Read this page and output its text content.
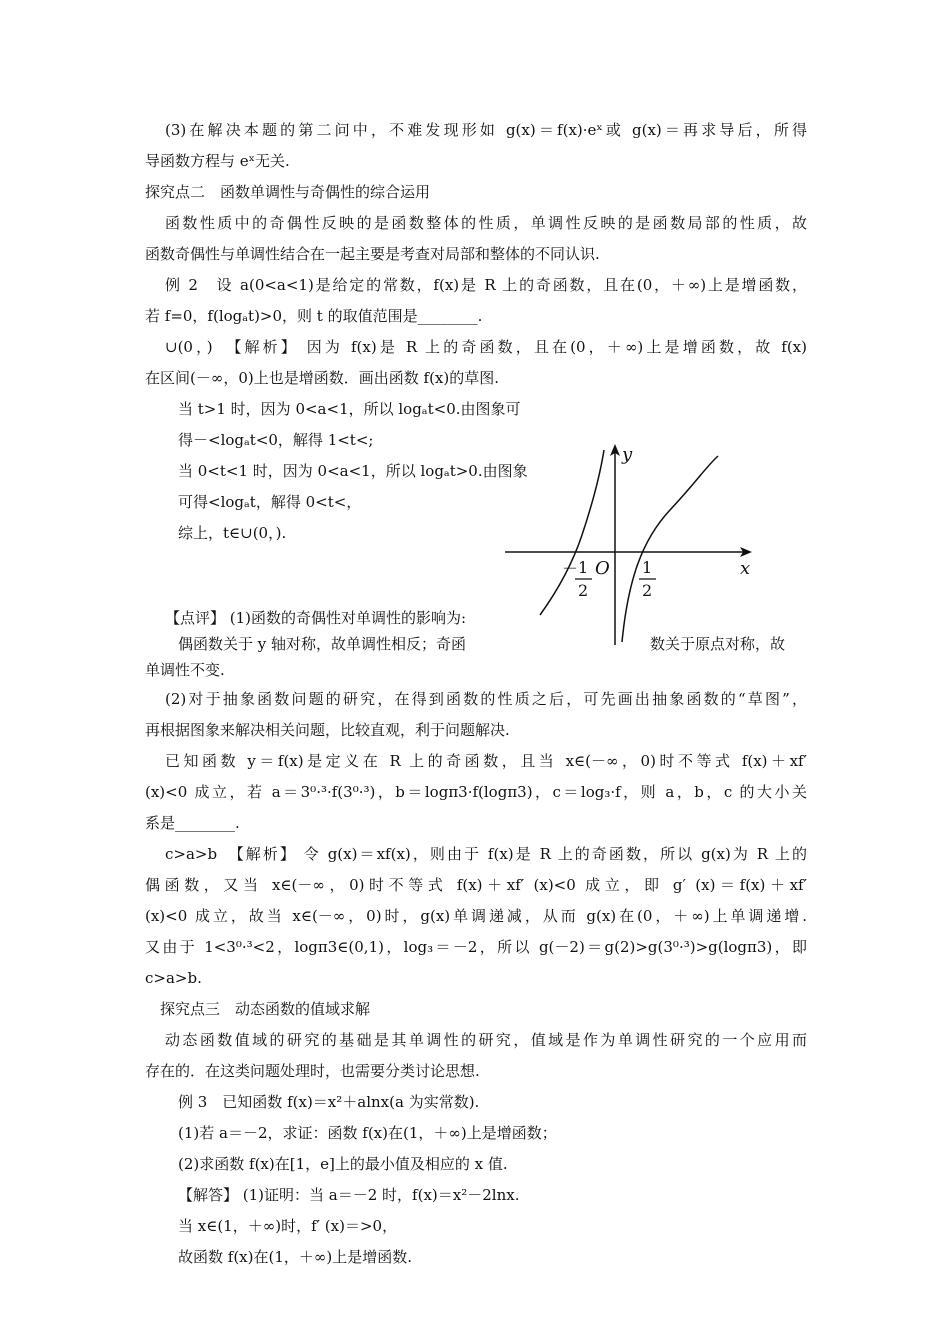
(3)在解决本题的第二问中，不难发现形如 g(x)＝f(x)·eˣ或 g(x)＝再求导后，所得
导函数方程与 eˣ无关.
探究点二　函数单调性与奇偶性的综合运用
函数性质中的奇偶性反映的是函数整体的性质，单调性反映的是函数局部的性质，故
函数奇偶性与单调性结合在一起主要是考查对局部和整体的不同认识.
例 2　设 a(0<a<1)是给定的常数，f(x)是 R 上的奇函数，且在(0，＋∞)上是增函数，
若 f=0，f(logₐt)>0，则 t 的取值范围是________.
∪(0，)　【解析】 因为 f(x)是 R 上的奇函数，且在(0，＋∞)上是增函数，故 f(x)
在区间(－∞，0)上也是增函数．画出函数 f(x)的草图.
当 t>1 时，因为 0<a<1，所以 logₐt<0.由图象可
得－<logₐt<0，解得 1<t<;
当 0<t<1 时，因为 0<a<1，所以 logₐt>0.由图象
可得<logₐt，解得 0<t<，
综上，t∈∪(0，).
y
x
O
－ 1
2
1
2
【点评】 (1)函数的奇偶性对单调性的影响为:
偶函数关于 y 轴对称，故单调性相反；奇函	数关于原点对称，故
单调性不变.
(2)对于抽象函数问题的研究，在得到函数的性质之后，可先画出抽象函数的“草图”，
再根据图象来解决相关问题，比较直观，利于问题解决.
已知函数 y＝f(x)是定义在 R 上的奇函数，且当 x∈(－∞，0)时不等式 f(x)＋xf′
(x)<0 成立，若 a＝3⁰·³·f(3⁰·³)，b＝logπ3·f(logπ3)，c＝log₃·f，则 a，b，c 的大小关
系是________.
c>a>b　【解析】 令 g(x)＝xf(x)，则由于 f(x)是 R 上的奇函数，所以 g(x)为 R 上的
偶函数，又当 x∈(－∞，0)时不等式 f(x)＋xf′ (x)<0 成立，即 g′ (x)＝f(x)＋xf′
(x)<0 成立，故当 x∈(－∞，0)时，g(x)单调递减，从而 g(x)在(0，＋∞)上单调递增.
又由于 1<3⁰·³<2，logπ3∈(0,1)，log₃＝－2，所以 g(－2)＝g(2)>g(3⁰·³)>g(logπ3)，即
c>a>b.
探究点三　动态函数的值域求解
动态函数值域的研究的基础是其单调性的研究，值域是作为单调性研究的一个应用而
存在的．在这类问题处理时，也需要分类讨论思想.
例 3　已知函数 f(x)＝x²＋alnx(a 为实常数).
(1)若 a＝－2，求证：函数 f(x)在(1，＋∞)上是增函数；
(2)求函数 f(x)在[1，e]上的最小值及相应的 x 值.
【解答】 (1)证明：当 a＝－2 时，f(x)＝x²－2lnx.
当 x∈(1，＋∞)时，f′ (x)＝>0，
故函数 f(x)在(1，＋∞)上是增函数.
